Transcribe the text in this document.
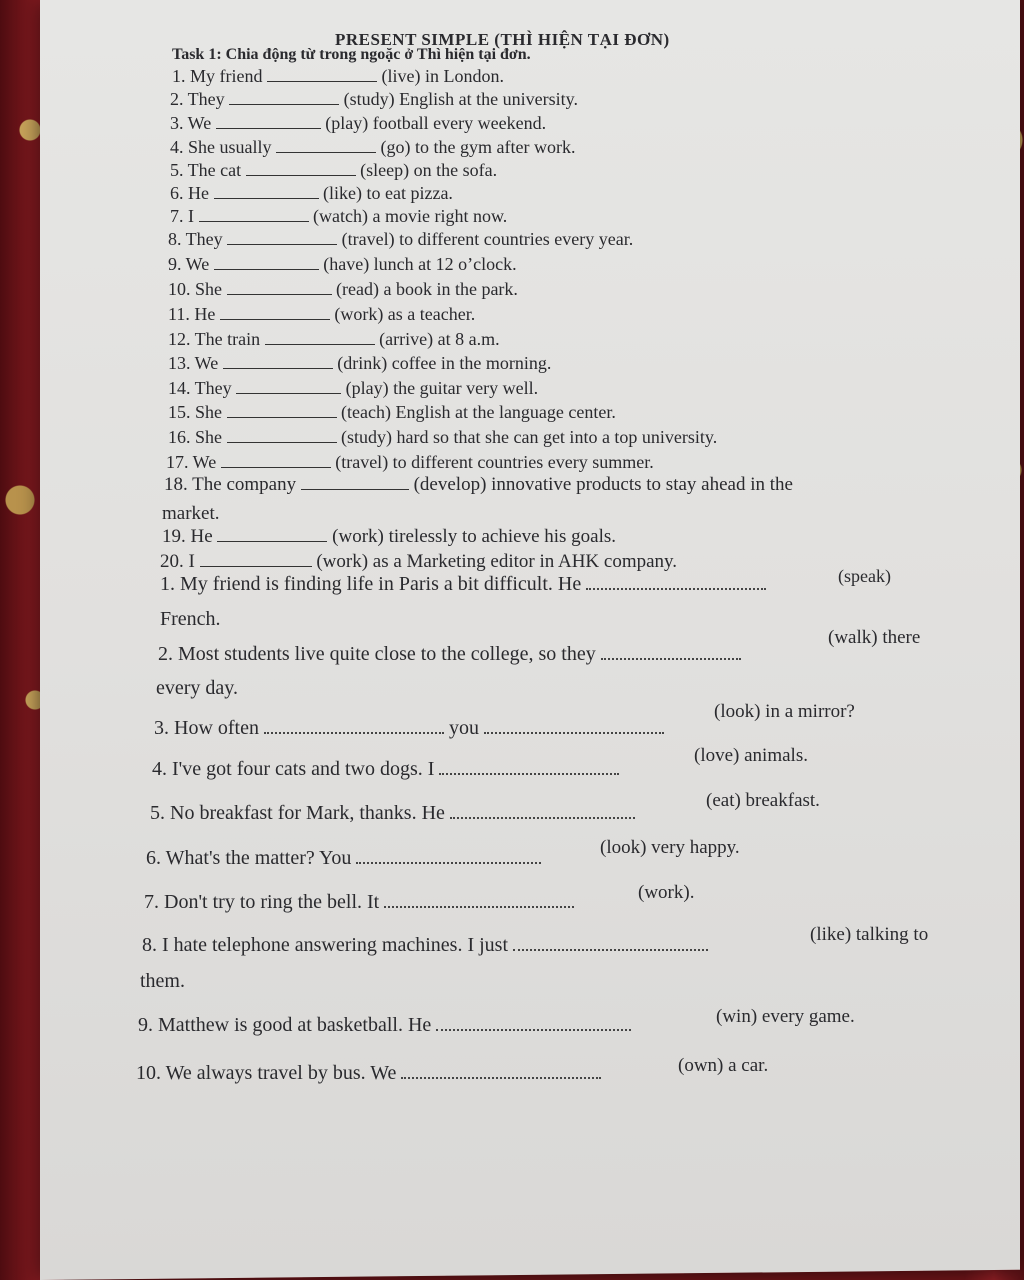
PRESENT SIMPLE (THÌ HIỆN TẠI ĐƠN)
Task 1: Chia động từ trong ngoặc ở Thì hiện tại đơn.
1. My friend	(live) in London.
2. They	(study) English at the university.
3. We	(play) football every weekend.
4. She usually	(go) to the gym after work.
5. The cat	(sleep) on the sofa.
6. He	(like) to eat pizza.
7. I	(watch) a movie right now.
8. They	(travel) to different countries every year.
9. We	(have) lunch at 12 o’clock.
10. She	(read) a book in the park.
11. He	(work) as a teacher.
12. The train	(arrive) at 8 a.m.
13. We	(drink) coffee in the morning.
14. They	(play) the guitar very well.
15. She	(teach) English at the language center.
16. She	(study) hard so that she can get into a top university.
17. We	(travel) to different countries every summer.
18. The company	(develop) innovative products to stay ahead in the
market.
19. He	(work) tirelessly to achieve his goals.
20. I	(work) as a Marketing editor in AHK company.
1. My friend is finding life in Paris a bit difficult. He	(speak)
French.
2. Most students live quite close to the college, so they
(walk) there
every day.
3. How often	you
(look) in a mirror?
4. I've got four cats and two dogs. I
(love) animals.
5. No breakfast for Mark, thanks. He
(eat) breakfast.
6. What's the matter? You	(look) very happy.
7. Don't try to ring the bell. It	(work).
8. I hate telephone answering machines. I just	(like) talking to
them.
9. Matthew is good at basketball. He	(win) every game.
10. We always travel by bus. We	(own) a car.
